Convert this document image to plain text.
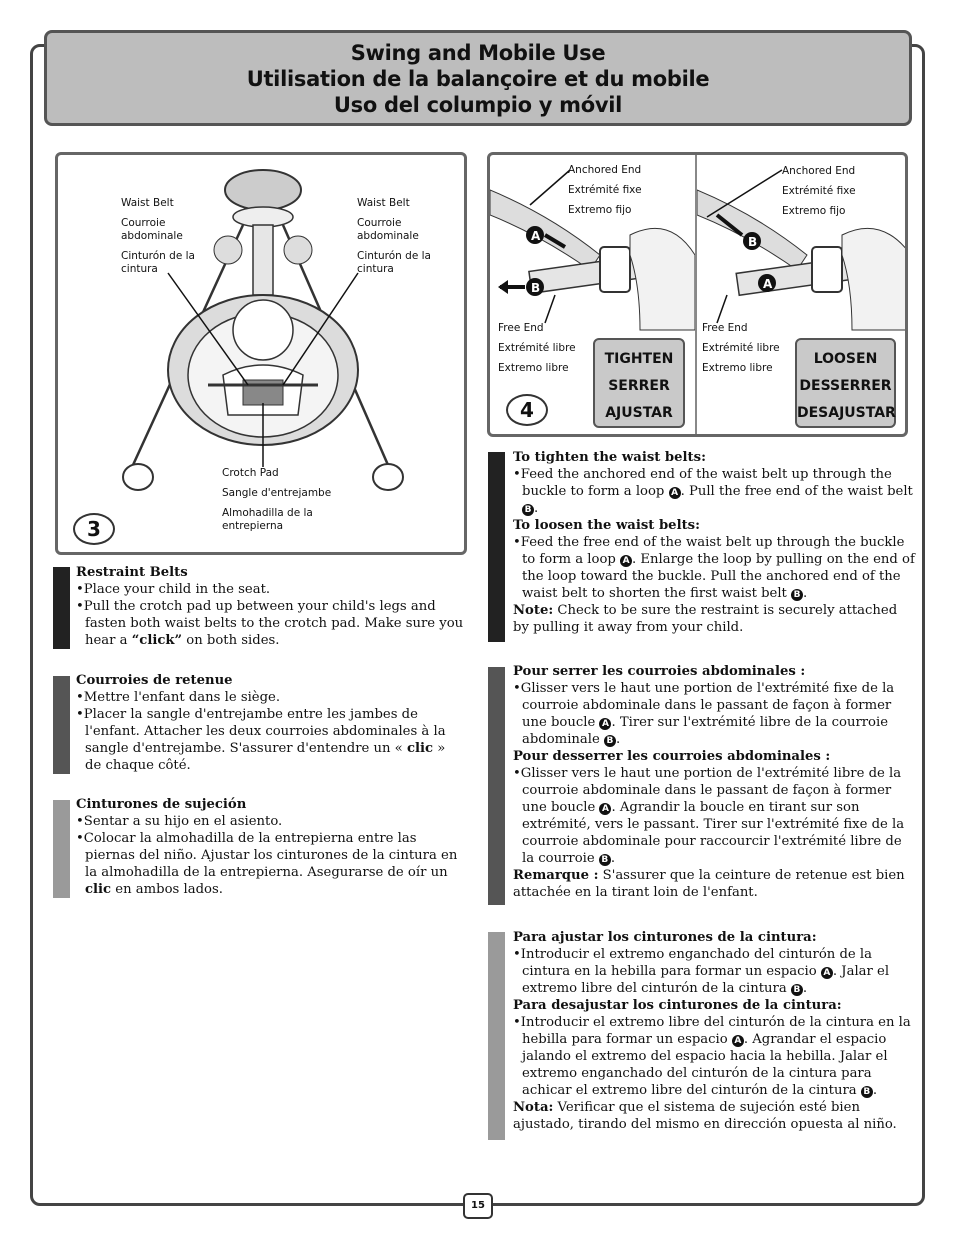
Swing and Mobile Use
Utilisation de la balançoire et du mobile
Uso del columpio y móvil
Waist Belt
Courroie abdominale
Cinturón de la cintura
Waist Belt
Courroie abdominale
Cinturón de la cintura
Crotch Pad
Sangle d'entrejambe
Almohadilla de la entrepierna
3
A
B
B
A
Anchored End
Extrémité fixe
Extremo fijo
Free End
Extrémité libre
Extremo libre
Anchored End
Extrémité fixe
Extremo fijo
Free End
Extrémité libre
Extremo libre
TIGHTEN
SERRER
AJUSTAR
LOOSEN
DESSERRER
DESAJUSTAR
4
Restraint Belts
•Place your child in the seat.
•Pull the crotch pad up between your child's legs and fasten both waist belts to the crotch pad. Make sure you hear a “click” on both sides.
Courroies de retenue
•Mettre l'enfant dans le siège.
•Placer la sangle d'entrejambe entre les jambes de l'enfant. Attacher les deux courroies abdominales à la sangle d'entrejambe. S'assurer d'entendre un « clic » de chaque côté.
Cinturones de sujeción
•Sentar a su hijo en el asiento.
•Colocar la almohadilla de la entrepierna entre las piernas del niño. Ajustar los cinturones de la cintura en la almohadilla de la entrepierna. Asegurarse de oír un clic en ambos lados.
To tighten the waist belts:
•Feed the anchored end of the waist belt up through the buckle to form a loop A . Pull the free end of the waist belt B .
To loosen the waist belts:
•Feed the free end of the waist belt up through the buckle to form a loop A . Enlarge the loop by pulling on the end of the loop toward the buckle. Pull the anchored end of the waist belt to shorten the first waist belt B .
Note: Check to be sure the restraint is securely attached by pulling it away from your child.
Pour serrer les courroies abdominales :
•Glisser vers le haut une portion de l'extrémité fixe de la courroie abdominale dans le passant de façon à former une boucle A . Tirer sur l'extrémité libre de la courroie abdominale B .
Pour desserrer les courroies abdominales :
•Glisser vers le haut une portion de l'extrémité libre de la courroie abdominale dans le passant de façon à former une boucle A . Agrandir la boucle en tirant sur son extrémité, vers le passant. Tirer sur l'extrémité fixe de la courroie abdominale pour raccourcir l'extrémité libre de la courroie B .
Remarque : S'assurer que la ceinture de retenue est bien attachée en la tirant loin de l'enfant.
Para ajustar los cinturones de la cintura:
•Introducir el extremo enganchado del cinturón de la cintura en la hebilla para formar un espacio A . Jalar el extremo libre del cinturón de la cintura B .
Para desajustar los cinturones de la cintura:
•Introducir el extremo libre del cinturón de la cintura en la hebilla para formar un espacio A . Agrandar el espacio jalando el extremo del espacio hacia la hebilla. Jalar el extremo enganchado del cinturón de la cintura para achicar el extremo libre del cinturón de la cintura B .
Nota: Verificar que el sistema de sujeción esté bien ajustado, tirando del mismo en dirección opuesta al niño.
15
